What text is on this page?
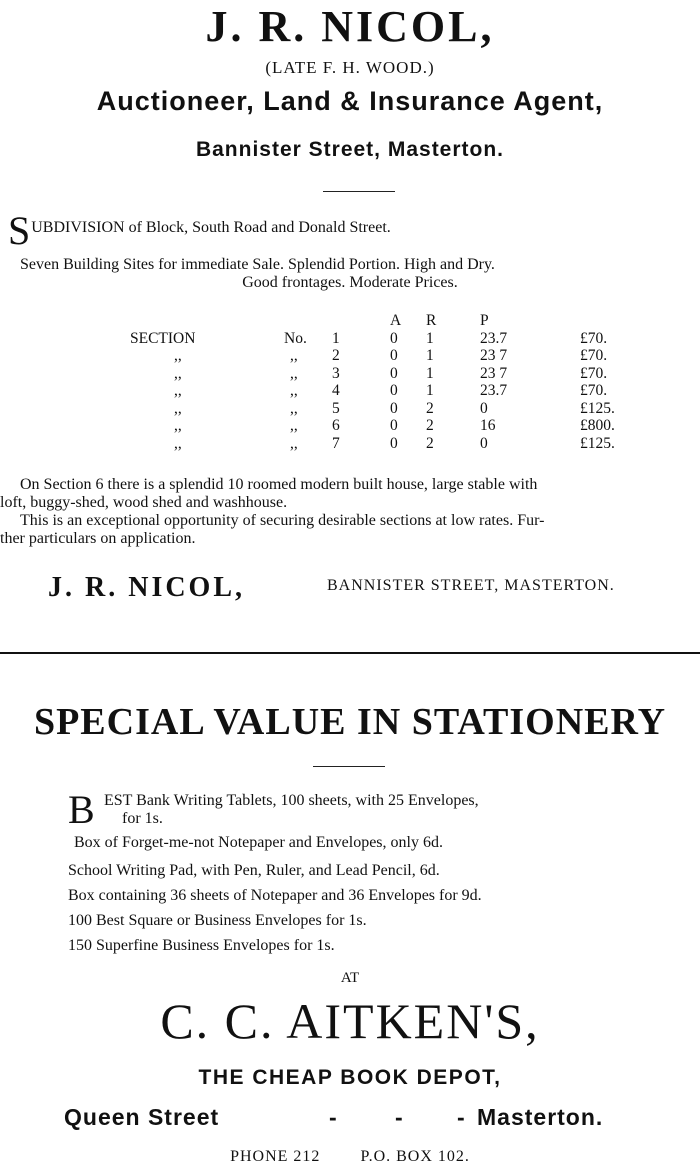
J. R. NICOL,
(LATE F. H. WOOD.)
Auctioneer, Land & Insurance Agent,
Bannister Street, Masterton.
SUBDIVISION of Block, South Road and Donald Street.
Seven Building Sites for immediate Sale. Splendid Portion. High and Dry.
Good frontages. Moderate Prices.
			A	R	P	
SECTION	No.	1	0	1	23.7	£70.
,,	,,	2	0	1	23 7	£70.
,,	,,	3	0	1	23 7	£70.
,,	,,	4	0	1	23.7	£70.
,,	,,	5	0	2	0	£125.
,,	,,	6	0	2	16	£800.
,,	,,	7	0	2	0	£125.
On Section 6 there is a splendid 10 roomed modern built house, large stable with
loft, buggy-shed, wood shed and washhouse.
This is an exceptional opportunity of securing desirable sections at low rates. Fur-
ther particulars on application.
J. R. NICOL,	BANNISTER STREET, MASTERTON.
SPECIAL VALUE IN STATIONERY
B EST Bank Writing Tablets, 100 sheets, with 25 Envelopes,
for 1s.
Box of Forget-me-not Notepaper and Envelopes, only 6d.
School Writing Pad, with Pen, Ruler, and Lead Pencil, 6d.
Box containing 36 sheets of Notepaper and 36 Envelopes for 9d.
100 Best Square or Business Envelopes for 1s.
150 Superfine Business Envelopes for 1s.
AT
C. C. AITKEN'S,
THE CHEAP BOOK DEPOT,
Queen Street	- - - Masterton.
PHONE 212	P.O. BOX 102.
